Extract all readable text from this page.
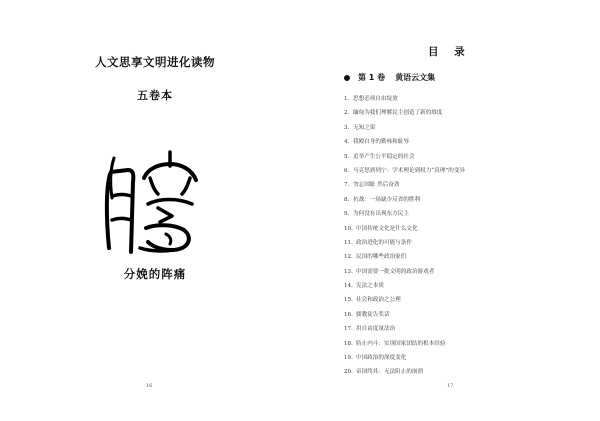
人文思享文明进化读物
五卷本
分娩的阵痛
16
目 录
第 1 卷 黄语云文集
1. 思想必须自由绽放
2. 缅甸为我们理解民主创造了新的维度
3. 无知之果
4. 我殿自身的勤咏和耻辱
5. 追举产生公平稳定的社会
6. 马克思到列宁：学术理论到权力“真理”的变异
7. 勿忘国耻 然后奋劲
8. 抗战：一场缺少反省的胜利
9. 为何没有出现东方民主
10. 中国传统文化是什么文化
11. 政治进化的可能与条件
12. 民国的哪些政治家们
13. 中国需要一批文明的政治游戏者
14. 宪法之本质
15. 社会和政治之公理
16. 儒教徒告奖话
17. 用自由度量法治
18. 防止内斗：实现国家团结的根本经验
19. 中国政治的深度变化
20. 帝国终其：无法阻止的崩溃
17
